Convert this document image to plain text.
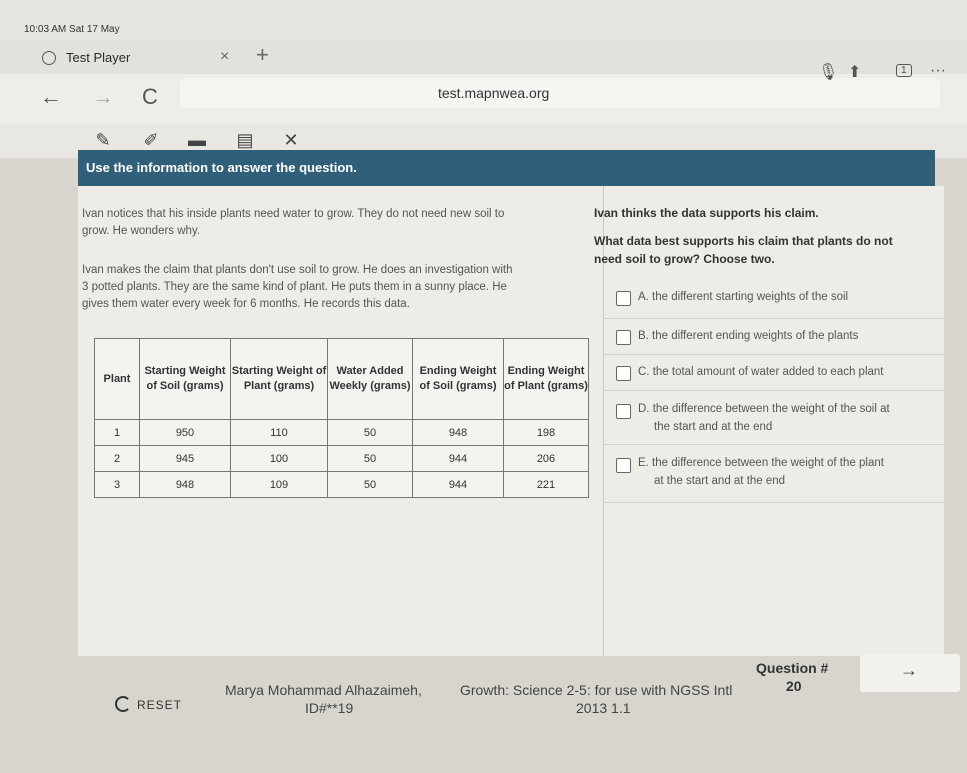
10:03 AM Sat 17 May
Test Player	× +
← → C	test.mapnwea.org
🎙 ⬆	1	···
✎	✐	▬ ▤	✕
Use the information to answer the question.
Ivan notices that his inside plants need water to grow. They do not need new soil to
grow. He wonders why.
Ivan makes the claim that plants don't use soil to grow. He does an investigation with
3 potted plants. They are the same kind of plant. He puts them in a sunny place. He
gives them water every week for 6 months. He records this data.
Plant	Starting Weight of Soil (grams)	Starting Weight of Plant (grams)	Water Added Weekly (grams)	Ending Weight of Soil (grams)	Ending Weight of Plant (grams)
1	950	110	50	948	198
2	945	100	50	944	206
3	948	109	50	944	221
Ivan thinks the data supports his claim.
What data best supports his claim that plants do not
need soil to grow? Choose two.
A. the different starting weights of the soil
B. the different ending weights of the plants
C. the total amount of water added to each plant
D. the difference between the weight of the soil at
the start and at the end
E. the difference between the weight of the plant
at the start and at the end
RESET
Marya Mohammad Alhazaimeh,	Growth: Science 2-5: for use with NGSS Intl
ID#**19	2013 1.1
Question #
20
→
